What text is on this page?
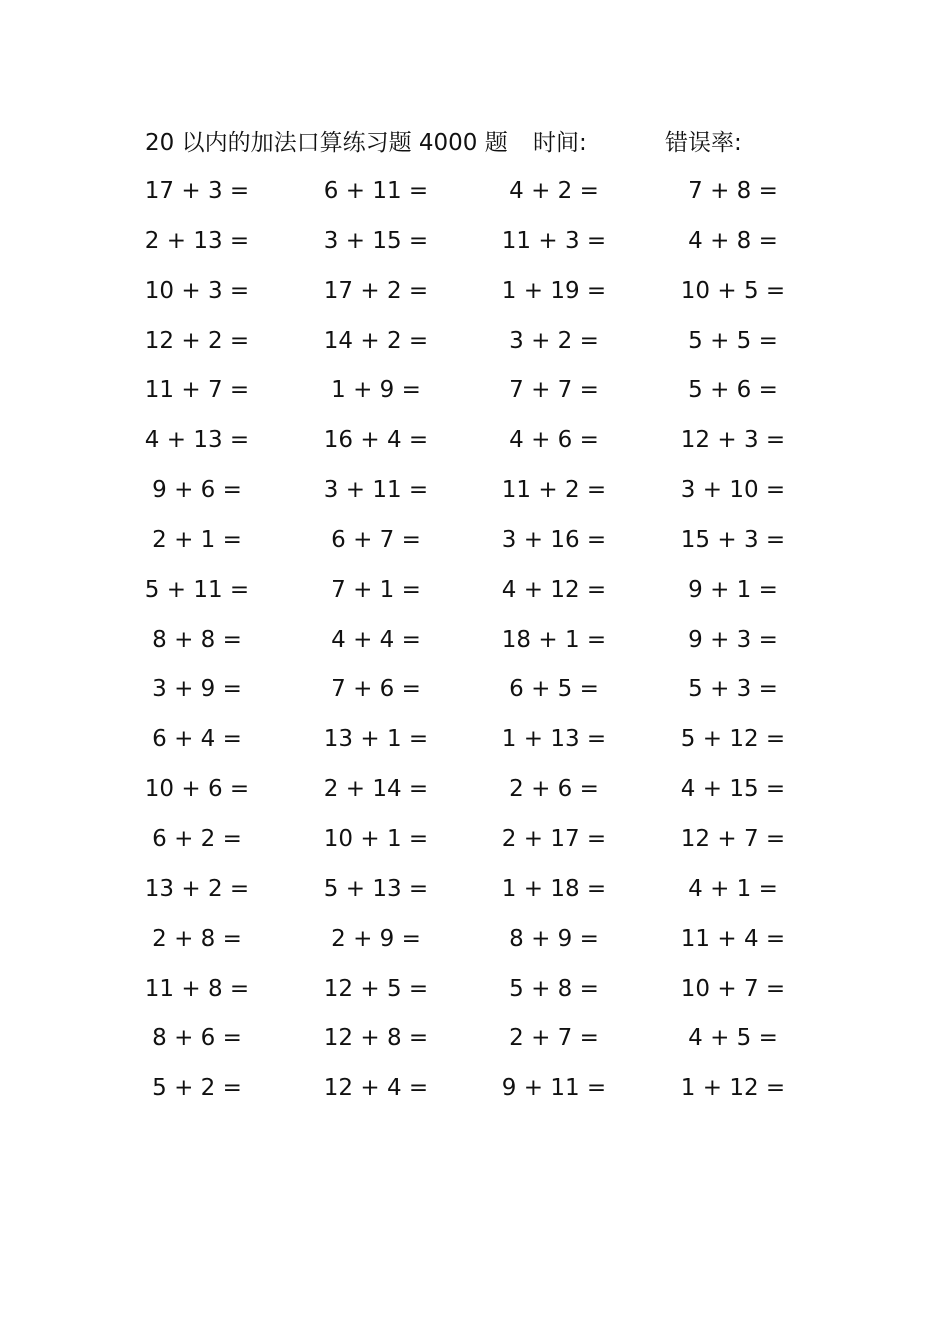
20 以内的加法口算练习题 4000 题 时间:	错误率:
17 + 3 =	6 + 11 =	4 + 2 =	7 + 8 =
2 + 13 =	3 + 15 =	11 + 3 =	4 + 8 =
10 + 3 =	17 + 2 =	1 + 19 =	10 + 5 =
12 + 2 =	14 + 2 =	3 + 2 =	5 + 5 =
11 + 7 =	1 + 9 =	7 + 7 =	5 + 6 =
4 + 13 =	16 + 4 =	4 + 6 =	12 + 3 =
9 + 6 =	3 + 11 =	11 + 2 =	3 + 10 =
2 + 1 =	6 + 7 =	3 + 16 =	15 + 3 =
5 + 11 =	7 + 1 =	4 + 12 =	9 + 1 =
8 + 8 =	4 + 4 =	18 + 1 =	9 + 3 =
3 + 9 =	7 + 6 =	6 + 5 =	5 + 3 =
6 + 4 =	13 + 1 =	1 + 13 =	5 + 12 =
10 + 6 =	2 + 14 =	2 + 6 =	4 + 15 =
6 + 2 =	10 + 1 =	2 + 17 =	12 + 7 =
13 + 2 =	5 + 13 =	1 + 18 =	4 + 1 =
2 + 8 =	2 + 9 =	8 + 9 =	11 + 4 =
11 + 8 =	12 + 5 =	5 + 8 =	10 + 7 =
8 + 6 =	12 + 8 =	2 + 7 =	4 + 5 =
5 + 2 =	12 + 4 =	9 + 11 =	1 + 12 =
